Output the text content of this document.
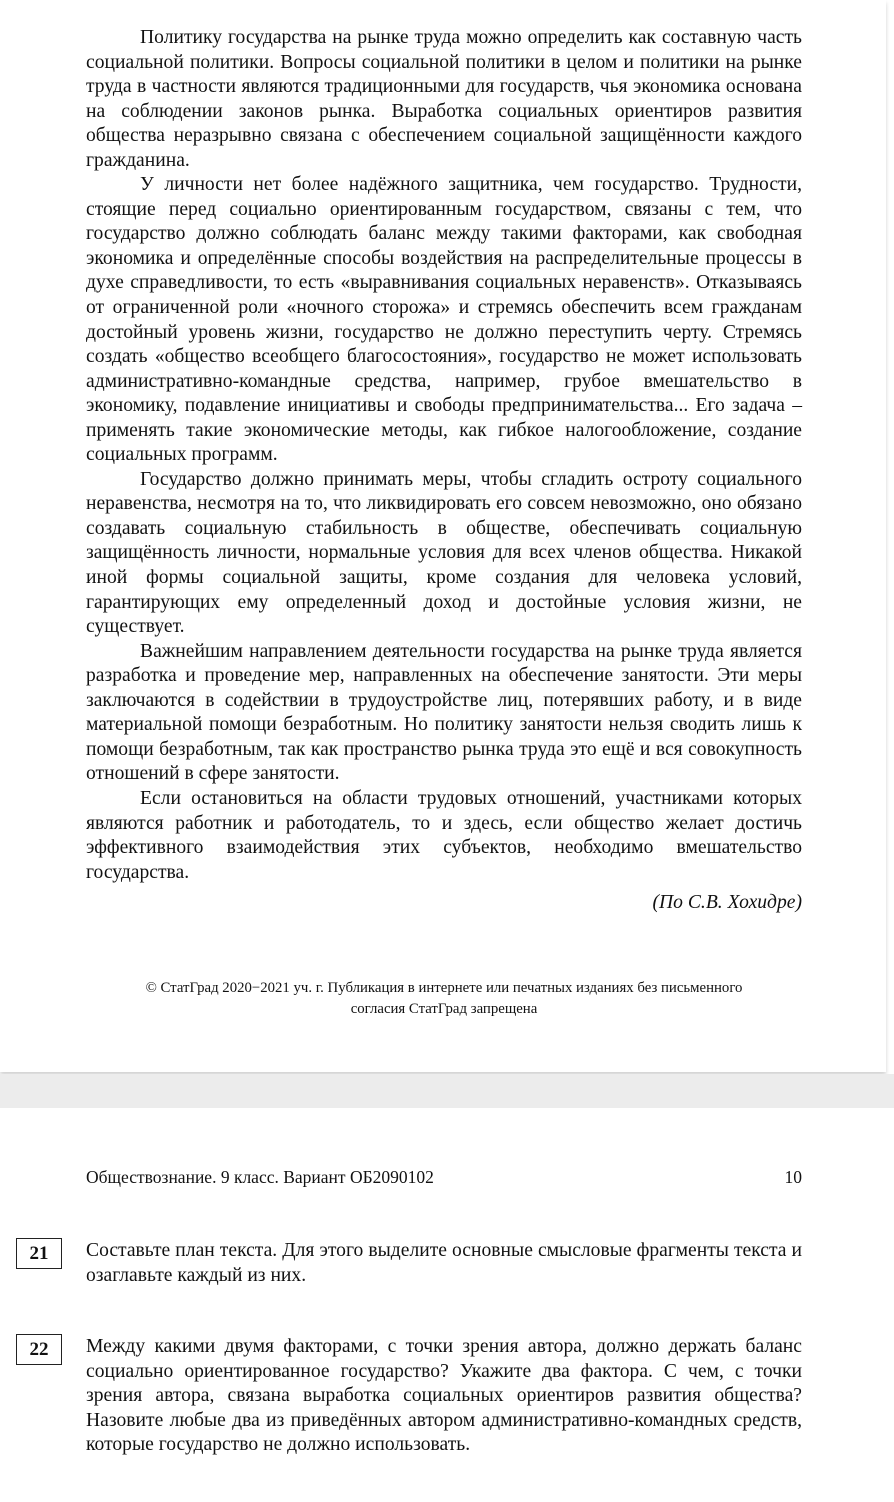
Политику государства на рынке труда можно определить как составную часть социальной политики. Вопросы социальной политики в целом и политики на рынке труда в частности являются традиционными для государств, чья экономика основана на соблюдении законов рынка. Выработка социальных ориентиров развития общества неразрывно связана с обеспечением социальной защищённости каждого гражданина.

У личности нет более надёжного защитника, чем государство. Трудности, стоящие перед социально ориентированным государством, связаны с тем, что государство должно соблюдать баланс между такими факторами, как свободная экономика и определённые способы воздействия на распределительные процессы в духе справедливости, то есть «выравнивания социальных неравенств». Отказываясь от ограниченной роли «ночного сторожа» и стремясь обеспечить всем гражданам достойный уровень жизни, государство не должно переступить черту. Стремясь создать «общество всеобщего благосостояния», государство не может использовать административно-командные средства, например, грубое вмешательство в экономику, подавление инициативы и свободы предпринимательства... Его задача – применять такие экономические методы, как гибкое налогообложение, создание социальных программ.

Государство должно принимать меры, чтобы сгладить остроту социального неравенства, несмотря на то, что ликвидировать его совсем невозможно, оно обязано создавать социальную стабильность в обществе, обеспечивать социальную защищённость личности, нормальные условия для всех членов общества. Никакой иной формы социальной защиты, кроме создания для человека условий, гарантирующих ему определенный доход и достойные условия жизни, не существует.

Важнейшим направлением деятельности государства на рынке труда является разработка и проведение мер, направленных на обеспечение занятости. Эти меры заключаются в содействии в трудоустройстве лиц, потерявших работу, и в виде материальной помощи безработным. Но политику занятости нельзя сводить лишь к помощи безработным, так как пространство рынка труда это ещё и вся совокупность отношений в сфере занятости.

Если остановиться на области трудовых отношений, участниками которых являются работник и работодатель, то и здесь, если общество желает достичь эффективного взаимодействия этих субъектов, необходимо вмешательство государства.

(По С.В. Хохидре)
© СтатГрад 2020−2021 уч. г. Публикация в интернете или печатных изданиях без письменного
согласия СтатГрад запрещена
Обществознание. 9 класс. Вариант ОБ2090102	10
21	Составьте план текста. Для этого выделите основные смысловые фрагменты текста и озаглавьте каждый из них.

22	Между какими двумя факторами, с точки зрения автора, должно держать баланс социально ориентированное государство? Укажите два фактора. С чем, с точки зрения автора, связана выработка социальных ориентиров развития общества? Назовите любые два из приведённых автором административно-командных средств, которые государство не должно использовать.
